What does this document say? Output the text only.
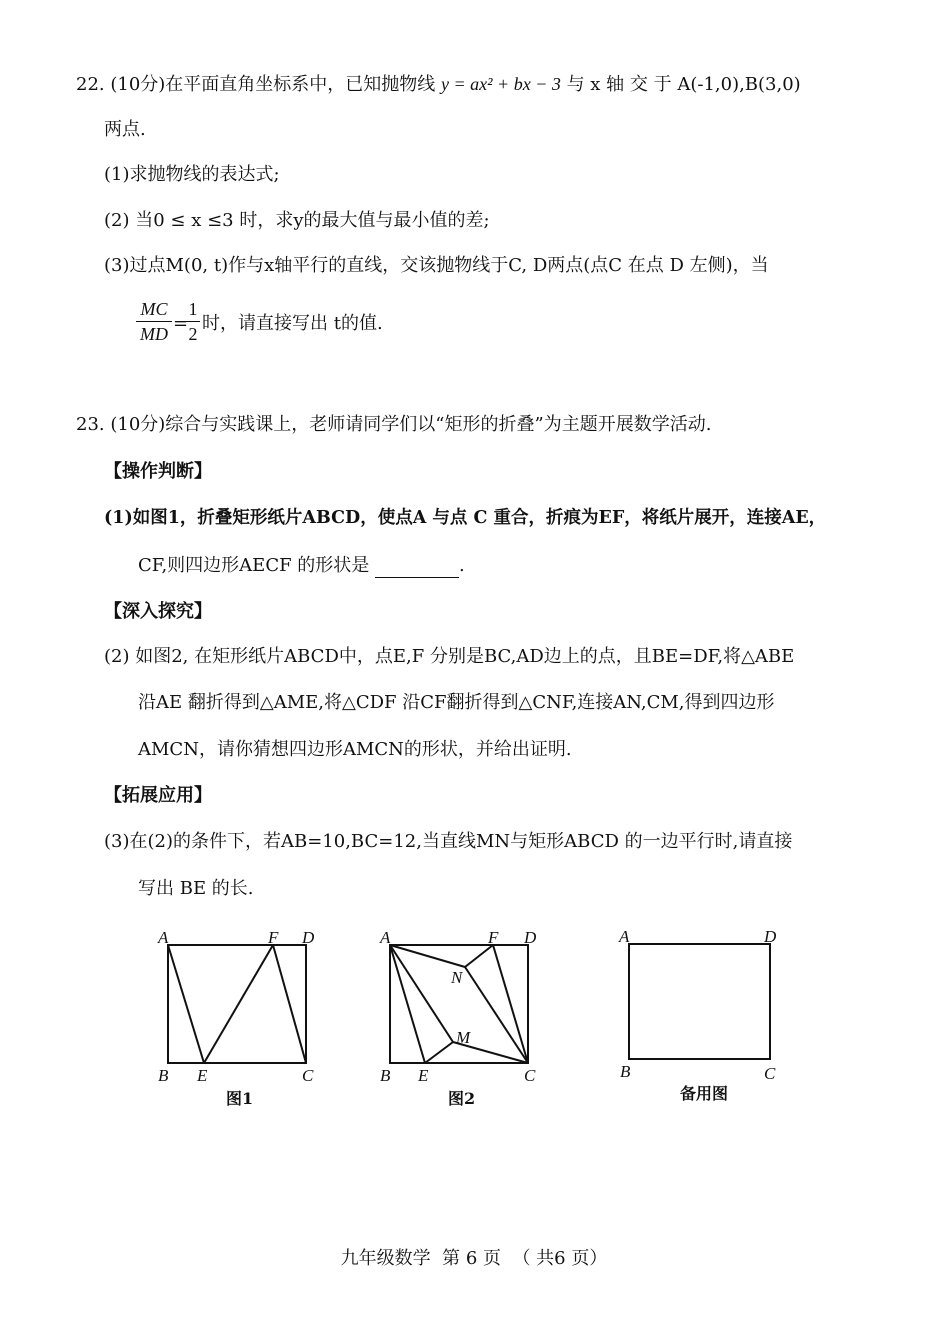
22. (10分)在平面直角坐标系中，已知抛物线 y = ax² + bx − 3 与 x 轴 交 于 A(-1,0),B(3,0)
两点.
(1)求抛物线的表达式;
(2) 当0 ≤ x ≤3 时，求y的最大值与最小值的差;
(3)过点M(0, t)作与x轴平行的直线，交该抛物线于C, D两点(点C 在点 D 左侧)，当
MC
MD =
1
2 时，请直接写出 t的值.
23. (10分)综合与实践课上，老师请同学们以“矩形的折叠”为主题开展数学活动.
【操作判断】
(1)如图1，折叠矩形纸片ABCD，使点A 与点 C 重合，折痕为EF，将纸片展开，连接AE，
CF,则四边形AECF 的形状是	.
【深入探究】
(2) 如图2, 在矩形纸片ABCD中，点E,F 分别是BC,AD边上的点，且BE=DF,将△ABE
沿AE 翻折得到△AME,将△CDF 沿CF翻折得到△CNF,连接AN,CM,得到四边形
AMCN，请你猜想四边形AMCN的形状，并给出证明.
【拓展应用】
(3)在(2)的条件下，若AB=10,BC=12,当直线MN与矩形ABCD 的一边平行时,请直接
写出 BE 的长.
A	F D
B E	C
图1
A	F D
N
M
B E	C
图2
A	D
B	C
备用图
九年级数学  第 6 页  （ 共6 页）
